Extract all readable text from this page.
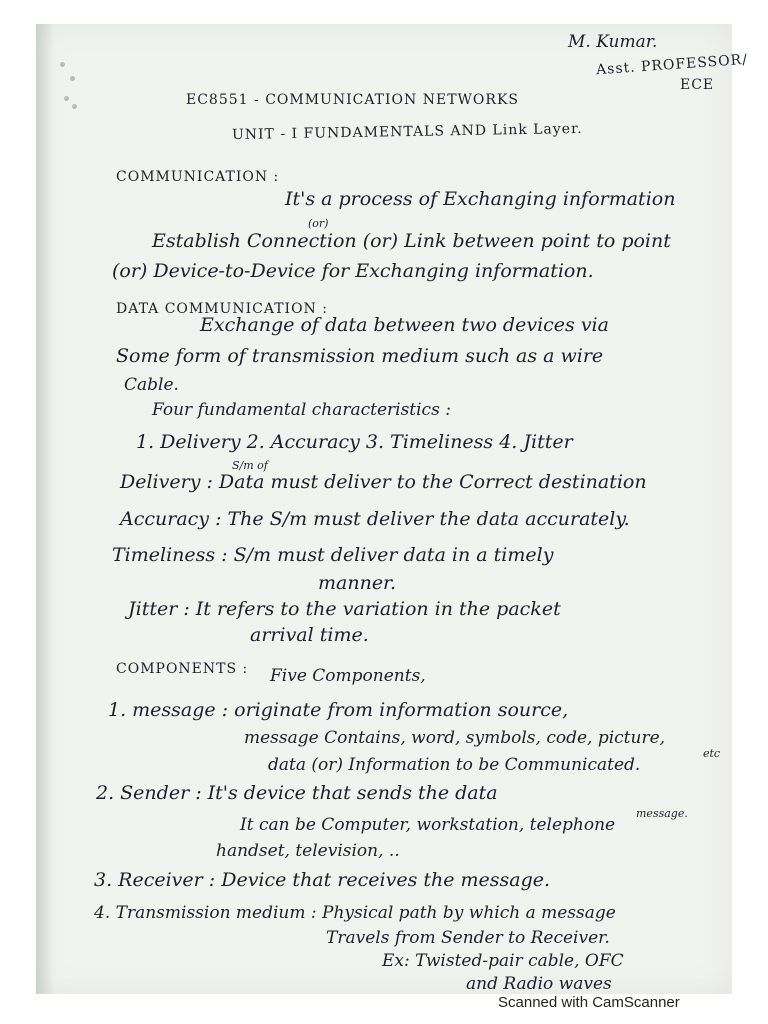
M. Kumar.
Asst. PROFESSOR/
ECE
EC8551 - COMMUNICATION NETWORKS
UNIT - I FUNDAMENTALS AND Link Layer.
COMMUNICATION :
It's a process of Exchanging information
(or)
Establish Connection (or) Link between point to point
(or) Device-to-Device for Exchanging information.
DATA COMMUNICATION :
Exchange of data between two devices via
Some form of transmission medium such as a wire
Cable.
Four fundamental characteristics :
1. Delivery 2. Accuracy 3. Timeliness 4. Jitter
S/m of
Delivery : Data must deliver to the Correct destination
Accuracy : The S/m must deliver the data accurately.
Timeliness : S/m must deliver data in a timely
manner.
Jitter : It refers to the variation in the packet
arrival time.
COMPONENTS : Five Components,
1. message : originate from information source,
message Contains, word, symbols, code, picture,
etc
data (or) Information to be Communicated.
2. Sender : It's device that sends the data
message.
It can be Computer, workstation, telephone
handset, television, ..
3. Receiver : Device that receives the message.
4. Transmission medium : Physical path by which a message
Travels from Sender to Receiver.
Ex: Twisted-pair cable, OFC
and Radio waves
Scanned with CamScanner
